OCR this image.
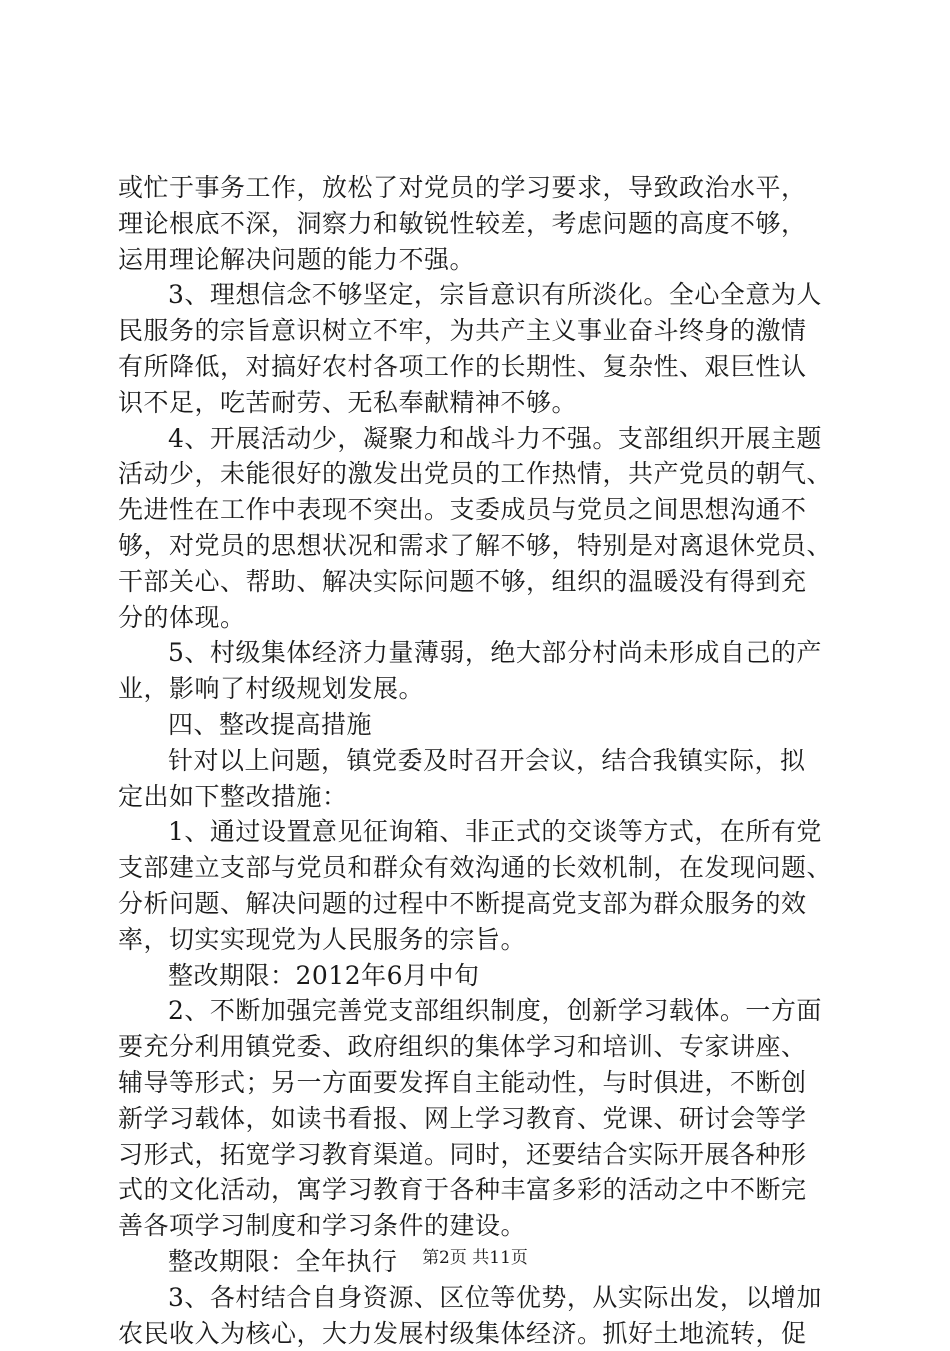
或忙于事务工作，放松了对党员的学习要求，导致政治水平，
理论根底不深，洞察力和敏锐性较差，考虑问题的高度不够，
运用理论解决问题的能力不强。
3、理想信念不够坚定，宗旨意识有所淡化。全心全意为人
民服务的宗旨意识树立不牢，为共产主义事业奋斗终身的激情
有所降低，对搞好农村各项工作的长期性、复杂性、艰巨性认
识不足，吃苦耐劳、无私奉献精神不够。
4、开展活动少，凝聚力和战斗力不强。支部组织开展主题
活动少，未能很好的激发出党员的工作热情，共产党员的朝气、
先进性在工作中表现不突出。支委成员与党员之间思想沟通不
够，对党员的思想状况和需求了解不够，特别是对离退休党员、
干部关心、帮助、解决实际问题不够，组织的温暖没有得到充
分的体现。
5、村级集体经济力量薄弱，绝大部分村尚未形成自己的产
业，影响了村级规划发展。
四、整改提高措施
针对以上问题，镇党委及时召开会议，结合我镇实际，拟
定出如下整改措施：
1、通过设置意见征询箱、非正式的交谈等方式，在所有党
支部建立支部与党员和群众有效沟通的长效机制，在发现问题、
分析问题、解决问题的过程中不断提高党支部为群众服务的效
率，切实实现党为人民服务的宗旨。
整改期限：2012年6月中旬
2、不断加强完善党支部组织制度，创新学习载体。一方面
要充分利用镇党委、政府组织的集体学习和培训、专家讲座、
辅导等形式；另一方面要发挥自主能动性，与时俱进，不断创
新学习载体，如读书看报、网上学习教育、党课、研讨会等学
习形式，拓宽学习教育渠道。同时，还要结合实际开展各种形
式的文化活动，寓学习教育于各种丰富多彩的活动之中不断完
善各项学习制度和学习条件的建设。
整改期限：全年执行
3、各村结合自身资源、区位等优势，从实际出发，以增加
农民收入为核心，大力发展村级集体经济。抓好土地流转，促
第2页 共11页
